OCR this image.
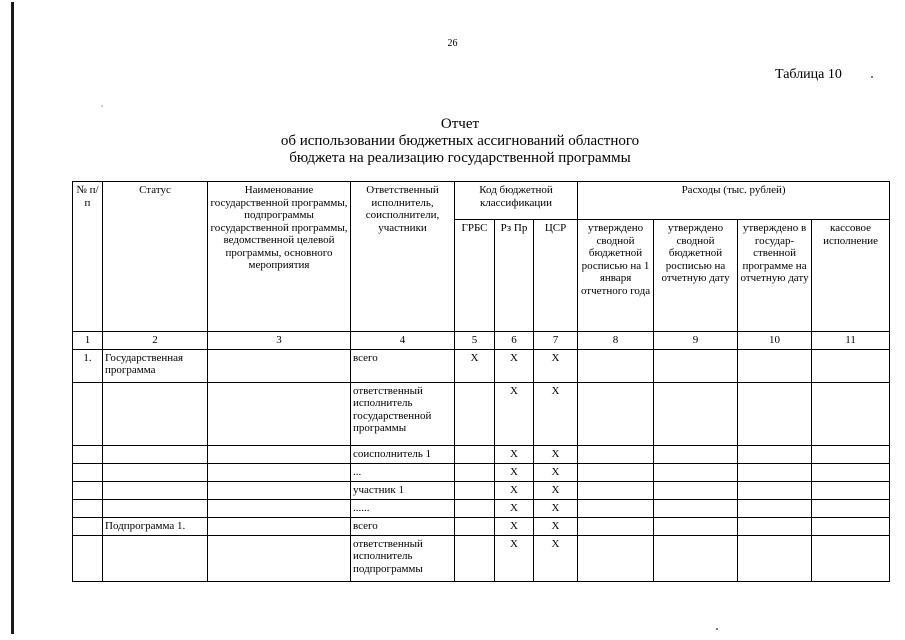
26
Таблица 10
Отчет
об использовании бюджетных ассигнований областного
бюджета на реализацию государственной программы
№ п/п	Статус	Наименование государственной программы, подпрограммы государственной программы, ведомственной целевой программы, основного мероприятия	Ответственный исполнитель, соисполнители, участники	Код бюджетной классификации			Расходы (тыс. рублей)			
				ГРБС	Рз Пр	ЦСР	утверждено сводной бюджетной росписью на 1 января отчетного года	утверждено сводной бюджетной росписью на отчетную дату	утверждено в государ-ственной программе на отчетную дату	кассовое исполнение
1	2	3	4	5	6	7	8	9	10	11
1.	Государственная программа		всего	Х	Х	Х				
			ответственный исполнитель государственной программы		Х	Х				
			соисполнитель 1		Х	Х				
			...		Х	Х				
			участник 1		Х	Х				
			......		Х	Х				
	Подпрограмма 1.		всего		Х	Х				
			ответственный исполнитель подпрограммы		Х	Х				
